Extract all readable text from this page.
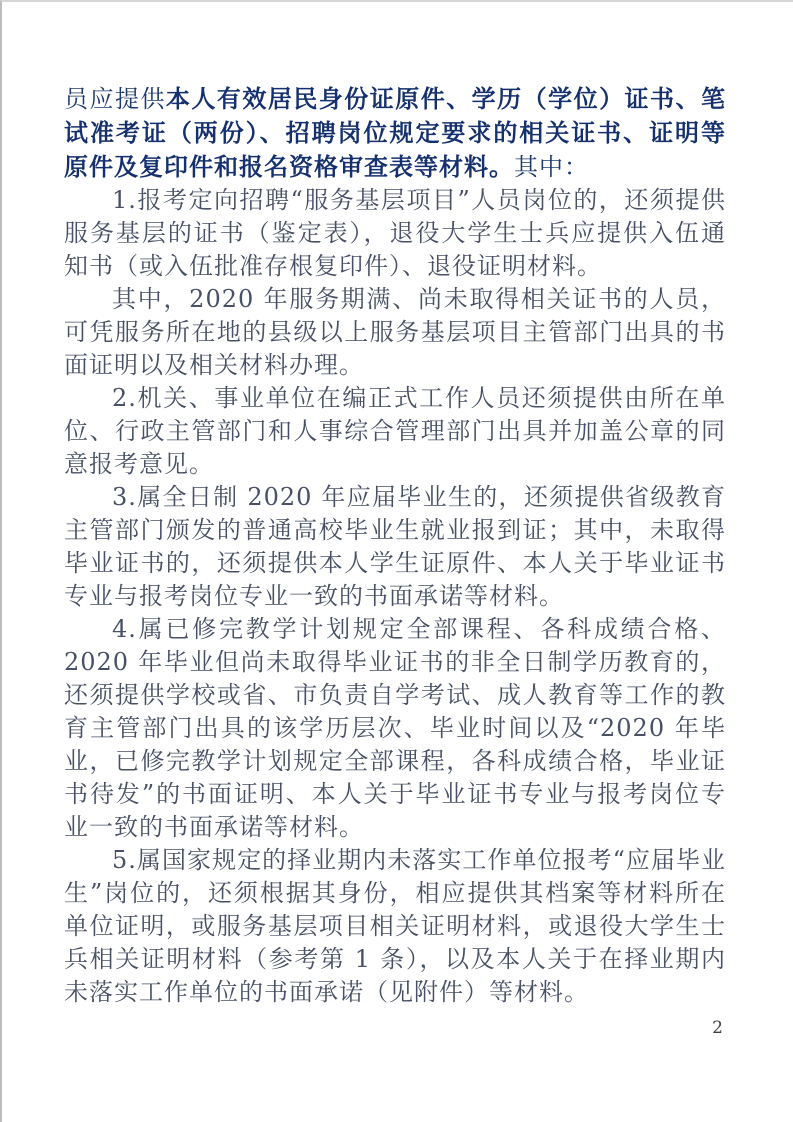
员应提供本人有效居民身份证原件、学历（学位）证书、笔试准考证（两份）、招聘岗位规定要求的相关证书、证明等原件及复印件和报名资格审查表等材料。其中：

1.报考定向招聘“服务基层项目”人员岗位的，还须提供服务基层的证书（鉴定表），退役大学生士兵应提供入伍通知书（或入伍批准存根复印件）、退役证明材料。

其中，2020 年服务期满、尚未取得相关证书的人员，可凭服务所在地的县级以上服务基层项目主管部门出具的书面证明以及相关材料办理。

2.机关、事业单位在编正式工作人员还须提供由所在单位、行政主管部门和人事综合管理部门出具并加盖公章的同意报考意见。

3.属全日制 2020 年应届毕业生的，还须提供省级教育主管部门颁发的普通高校毕业生就业报到证；其中，未取得毕业证书的，还须提供本人学生证原件、本人关于毕业证书专业与报考岗位专业一致的书面承诺等材料。

4.属已修完教学计划规定全部课程、各科成绩合格、2020 年毕业但尚未取得毕业证书的非全日制学历教育的，还须提供学校或省、市负责自学考试、成人教育等工作的教育主管部门出具的该学历层次、毕业时间以及“2020 年毕业，已修完教学计划规定全部课程，各科成绩合格，毕业证书待发”的书面证明、本人关于毕业证书专业与报考岗位专业一致的书面承诺等材料。

5.属国家规定的择业期内未落实工作单位报考“应届毕业生”岗位的，还须根据其身份，相应提供其档案等材料所在单位证明，或服务基层项目相关证明材料，或退役大学生士兵相关证明材料（参考第 1 条），以及本人关于在择业期内未落实工作单位的书面承诺（见附件）等材料。

2
